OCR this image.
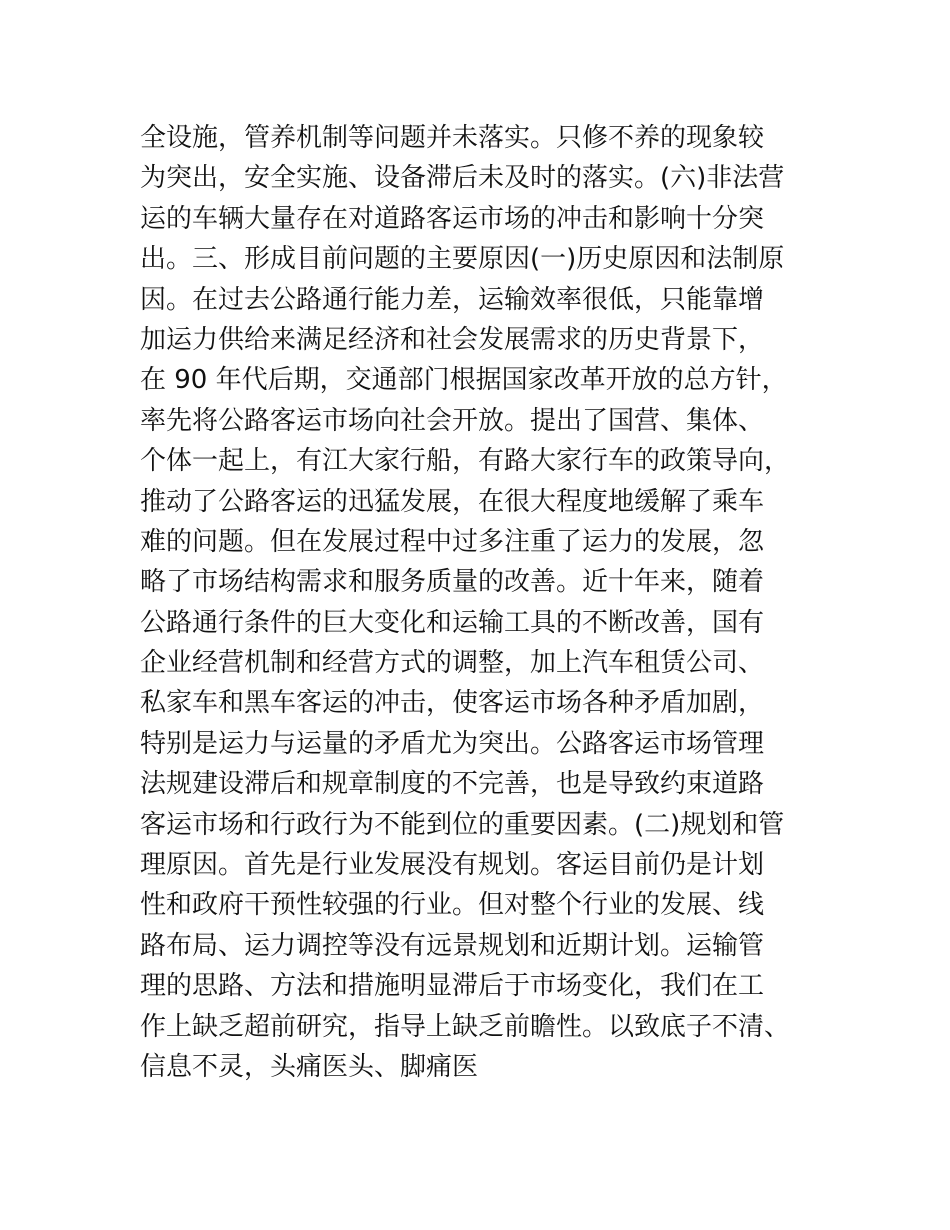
全设施，管养机制等问题并未落实。只修不养的现象较
为突出，安全实施、设备滞后未及时的落实。(六)非法营
运的车辆大量存在对道路客运市场的冲击和影响十分突
出。三、形成目前问题的主要原因(一)历史原因和法制原
因。在过去公路通行能力差，运输效率很低，只能靠增
加运力供给来满足经济和社会发展需求的历史背景下，
在 90 年代后期，交通部门根据国家改革开放的总方针，
率先将公路客运市场向社会开放。提出了国营、集体、
个体一起上，有江大家行船，有路大家行车的政策导向，
推动了公路客运的迅猛发展，在很大程度地缓解了乘车
难的问题。但在发展过程中过多注重了运力的发展，忽
略了市场结构需求和服务质量的改善。近十年来，随着
公路通行条件的巨大变化和运输工具的不断改善，国有
企业经营机制和经营方式的调整，加上汽车租赁公司、
私家车和黑车客运的冲击，使客运市场各种矛盾加剧，
特别是运力与运量的矛盾尤为突出。公路客运市场管理
法规建设滞后和规章制度的不完善，也是导致约束道路
客运市场和行政行为不能到位的重要因素。(二)规划和管
理原因。首先是行业发展没有规划。客运目前仍是计划
性和政府干预性较强的行业。但对整个行业的发展、线
路布局、运力调控等没有远景规划和近期计划。运输管
理的思路、方法和措施明显滞后于市场变化，我们在工
作上缺乏超前研究，指导上缺乏前瞻性。以致底子不清、
信息不灵，头痛医头、脚痛医
